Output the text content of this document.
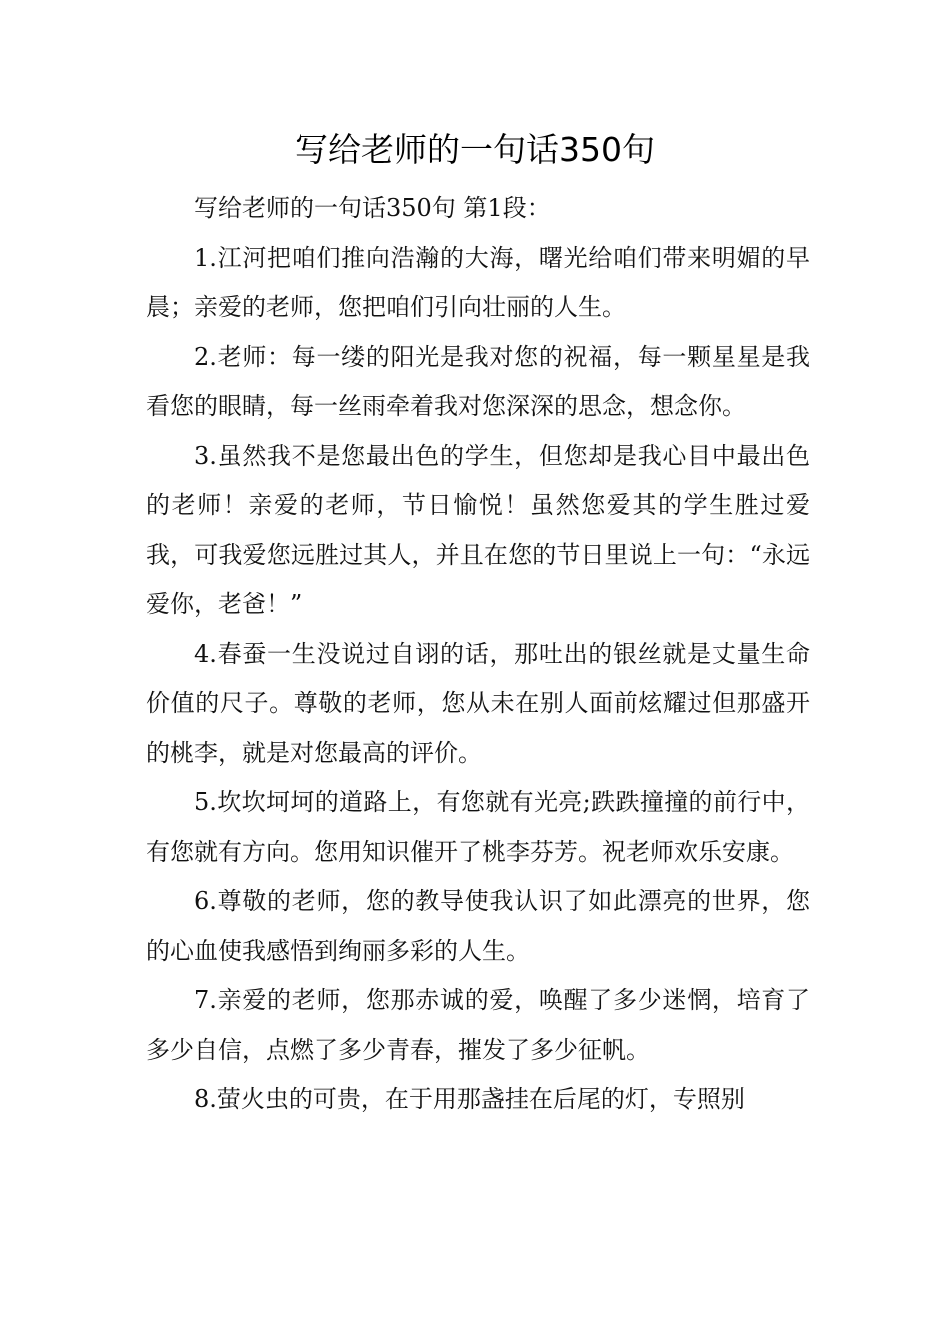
写给老师的一句话350句

写给老师的一句话350句 第1段：

1.江河把咱们推向浩瀚的大海，曙光给咱们带来明媚的早晨；亲爱的老师，您把咱们引向壮丽的人生。

2.老师：每一缕的阳光是我对您的祝福，每一颗星星是我看您的眼睛，每一丝雨牵着我对您深深的思念，想念你。

3.虽然我不是您最出色的学生，但您却是我心目中最出色的老师！亲爱的老师，节日愉悦！虽然您爱其的学生胜过爱我，可我爱您远胜过其人，并且在您的节日里说上一句：“永远爱你，老爸！”

4.春蚕一生没说过自诩的话，那吐出的银丝就是丈量生命价值的尺子。尊敬的老师，您从未在别人面前炫耀过但那盛开的桃李，就是对您最高的评价。

5.坎坎坷坷的道路上，有您就有光亮;跌跌撞撞的前行中，有您就有方向。您用知识催开了桃李芬芳。祝老师欢乐安康。

6.尊敬的老师，您的教导使我认识了如此漂亮的世界，您的心血使我感悟到绚丽多彩的人生。

7.亲爱的老师，您那赤诚的爱，唤醒了多少迷惘，培育了多少自信，点燃了多少青春，摧发了多少征帆。

8.萤火虫的可贵，在于用那盏挂在后尾的灯，专照别
